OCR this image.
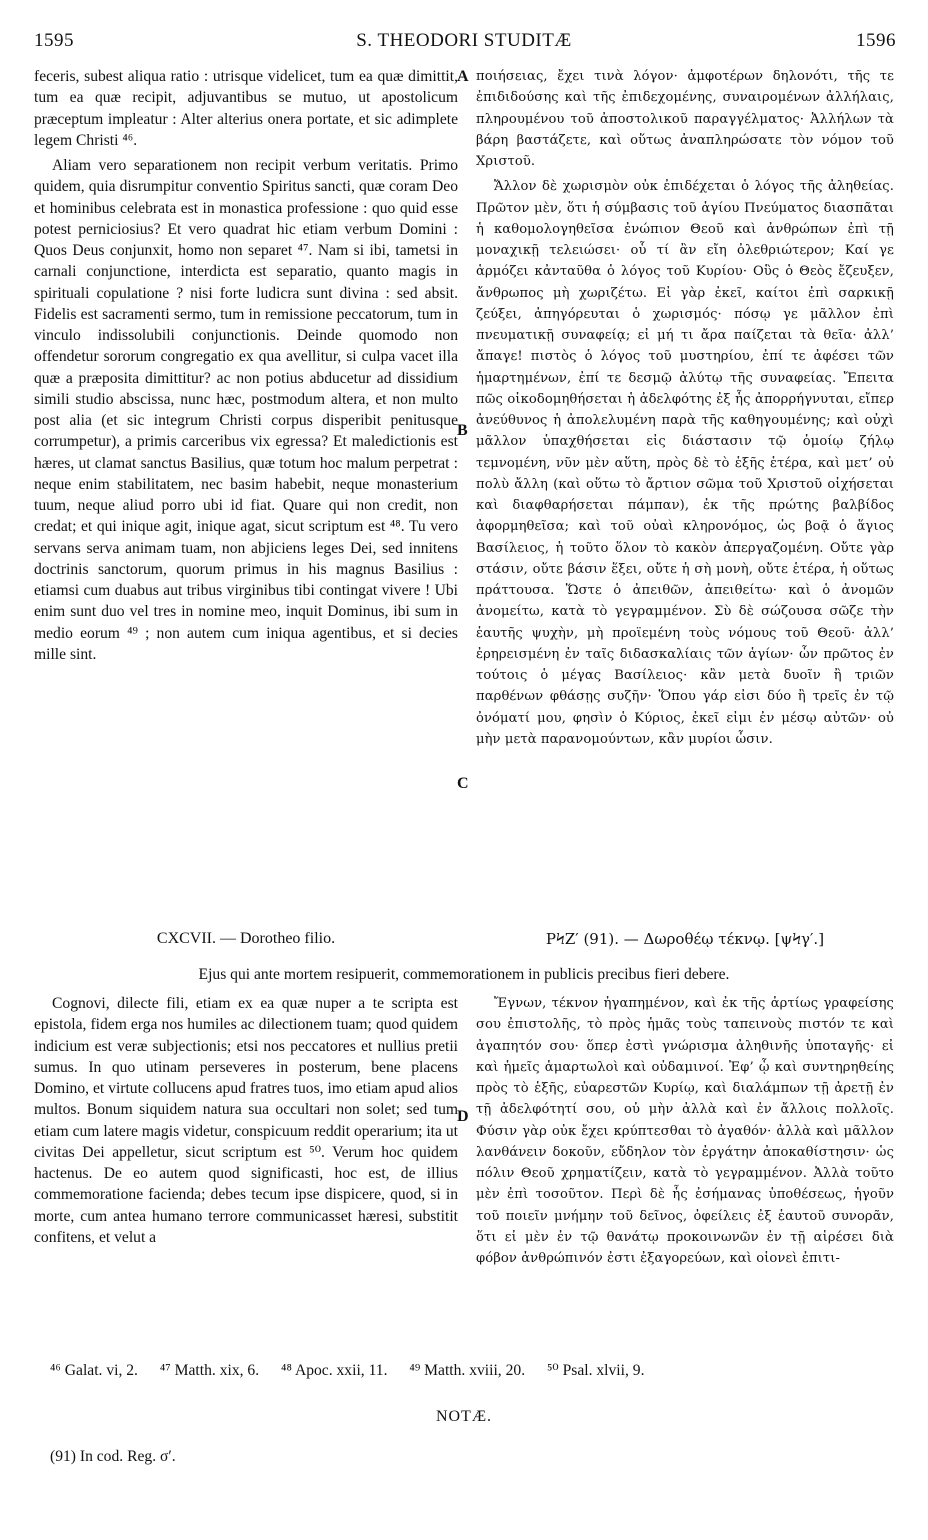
1595	S. THEODORI STUDITÆ	1596

feceris, subest aliqua ratio : utrisque videlicet, tum ea quæ dimittit, tum ea quæ recipit, adjuvantibus se mutuo, ut apostolicum præceptum impleatur : Alter alterius onera portate, et sic adimplete legem Christi ⁴⁶.

Aliam vero separationem non recipit verbum veritatis. Primo quidem, quia disrumpitur conventio Spiritus sancti, quæ coram Deo et hominibus celebrata est in monastica professione : quo quid esse potest perniciosius? Et vero quadrat hic etiam verbum Domini : Quos Deus conjunxit, homo non separet ⁴⁷. Nam si ibi, tametsi in carnali conjunctione, interdicta est separatio, quanto magis in spirituali copulatione ? nisi forte ludicra sunt divina : sed absit. Fidelis est sacramenti sermo, tum in remissione peccatorum, tum in vinculo indissolubili conjunctionis. Deinde quomodo non offendetur sororum congregatio ex qua avellitur, si culpa vacet illa quæ a præposita dimittitur? ac non potius abducetur ad dissidium simili studio abscissa, nunc hæc, postmodum altera, et non multo post alia (et sic integrum Christi corpus disperibit penitusque corrumpetur), a primis carceribus vix egressa? Et maledictionis est hæres, ut clamat sanctus Basilius, quæ totum hoc malum perpetrat : neque enim stabilitatem, nec basim habebit, neque monasterium tuum, neque aliud porro ubi id fiat. Quare qui non credit, non credat; et qui inique agit, inique agat, sicut scriptum est ⁴⁸. Tu vero servans serva animam tuam, non abjiciens leges Dei, sed innitens doctrinis sanctorum, quorum primus in his magnus Basilius : etiamsi cum duabus aut tribus virginibus tibi contingat vivere ! Ubi enim sunt duo vel tres in nomine meo, inquit Dominus, ibi sum in medio eorum ⁴⁹ ; non autem cum iniqua agentibus, et si decies mille sint.

ποιήσειας, ἔχει τινὰ λόγον· ἀμφοτέρων δηλονότι, τῆς τε ἐπιδιδούσης καὶ τῆς ἐπιδεχομένης, συναιρομένων ἀλλήλαις, πληρουμένου τοῦ ἀποστολικοῦ παραγγέλματος· Ἀλλήλων τὰ βάρη βαστάζετε, καὶ οὕτως ἀναπληρώσατε τὸν νόμον τοῦ Χριστοῦ.

Ἄλλον δὲ χωρισμὸν οὐκ ἐπιδέχεται ὁ λόγος τῆς ἀληθείας. Πρῶτον μὲν, ὅτι ἡ σύμβασις τοῦ ἁγίου Πνεύματος διασπᾶται ἡ καθομολογηθεῖσα ἐνώπιον Θεοῦ καὶ ἀνθρώπων ἐπὶ τῇ μοναχικῇ τελειώσει· οὗ τί ἂν εἴη ὀλεθριώτερον; Καί γε ἁρμόζει κἀνταῦθα ὁ λόγος τοῦ Κυρίου· Οὓς ὁ Θεὸς ἔζευξεν, ἄνθρωπος μὴ χωριζέτω. Εἰ γὰρ ἐκεῖ, καίτοι ἐπὶ σαρκικῇ ζεύξει, ἀπηγόρευται ὁ χωρισμός· πόσῳ γε μᾶλλον ἐπὶ πνευματικῇ συναφείᾳ; εἰ μή τι ἄρα παίζεται τὰ θεῖα· ἀλλ’ ἄπαγε! πιστὸς ὁ λόγος τοῦ μυστηρίου, ἐπί τε ἀφέσει τῶν ἡμαρτημένων, ἐπί τε δεσμῷ ἀλύτῳ τῆς συναφείας. Ἔπειτα πῶς οἰκοδομηθήσεται ἡ ἀδελφότης ἐξ ἧς ἀπορρήγνυται, εἴπερ ἀνεύθυνος ἡ ἀπολελυμένη παρὰ τῆς καθηγουμένης; καὶ οὐχὶ μᾶλλον ὑπαχθήσεται εἰς διάστασιν τῷ ὁμοίῳ ζήλῳ τεμνομένη, νῦν μὲν αὕτη, πρὸς δὲ τὸ ἑξῆς ἑτέρα, καὶ μετ’ οὐ πολὺ ἄλλη (καὶ οὕτω τὸ ἄρτιον σῶμα τοῦ Χριστοῦ οἰχήσεται καὶ διαφθαρήσεται πάμπαν), ἐκ τῆς πρώτης βαλβίδος ἀφορμηθεῖσα; καὶ τοῦ οὐαὶ κληρονόμος, ὡς βοᾷ ὁ ἅγιος Βασίλειος, ἡ τοῦτο ὅλον τὸ κακὸν ἀπεργαζομένη. Οὔτε γὰρ στάσιν, οὔτε βάσιν ἕξει, οὔτε ἡ σὴ μονὴ, οὔτε ἑτέρα, ἡ οὕτως πράττουσα. Ὥστε ὁ ἀπειθῶν, ἀπειθείτω· καὶ ὁ ἀνομῶν ἀνομείτω, κατὰ τὸ γεγραμμένον. Σὺ δὲ σώζουσα σῶζε τὴν ἑαυτῆς ψυχὴν, μὴ προϊεμένη τοὺς νόμους τοῦ Θεοῦ· ἀλλ’ ἐρηρεισμένη ἐν ταῖς διδασκαλίαις τῶν ἁγίων· ὧν πρῶτος ἐν τούτοις ὁ μέγας Βασίλειος· κἂν μετὰ δυοῖν ἢ τριῶν παρθένων φθάσῃς συζῆν· Ὅπου γάρ εἰσι δύο ἢ τρεῖς ἐν τῷ ὀνόματί μου, φησὶν ὁ Κύριος, ἐκεῖ εἰμι ἐν μέσῳ αὐτῶν· οὐ μὴν μετὰ παρανομούντων, κἂν μυρίοι ὦσιν.

A
B
C
D
CXCVII. — Dorotheo filio.	ΡϞΖ′ (91). — Δωροθέῳ τέκνῳ. [ψϞγ′.]
Ejus qui ante mortem resipuerit, commemorationem in publicis precibus fieri debere.

Cognovi, dilecte fili, etiam ex ea quæ nuper a te scripta est epistola, fidem erga nos humiles ac dilectionem tuam; quod quidem indicium est veræ subjectionis; etsi nos peccatores et nullius pretii sumus. In quo utinam perseveres in posterum, bene placens Domino, et virtute collucens apud fratres tuos, imo etiam apud alios multos. Bonum siquidem natura sua occultari non solet; sed tum etiam cum latere magis videtur, conspicuum reddit operarium; ita ut civitas Dei appelletur, sicut scriptum est ⁵⁰. Verum hoc quidem hactenus. De eo autem quod significasti, hoc est, de illius commemoratione facienda; debes tecum ipse dispicere, quod, si in morte, cum antea humano terrore communicasset hæresi, substitit confitens, et velut a

Ἔγνων, τέκνον ἠγαπημένον, καὶ ἐκ τῆς ἀρτίως γραφείσης σου ἐπιστολῆς, τὸ πρὸς ἡμᾶς τοὺς ταπεινοὺς πιστόν τε καὶ ἀγαπητόν σου· ὅπερ ἐστὶ γνώρισμα ἀληθινῆς ὑποταγῆς· εἰ καὶ ἡμεῖς ἁμαρτωλοὶ καὶ οὐδαμινοί. Ἐφ’ ᾧ καὶ συντηρηθείης πρὸς τὸ ἑξῆς, εὐαρεστῶν Κυρίῳ, καὶ διαλάμπων τῇ ἀρετῇ ἐν τῇ ἀδελφότητί σου, οὐ μὴν ἀλλὰ καὶ ἐν ἄλλοις πολλοῖς. Φύσιν γὰρ οὐκ ἔχει κρύπτεσθαι τὸ ἀγαθόν· ἀλλὰ καὶ μᾶλλον λανθάνειν δοκοῦν, εὔδηλον τὸν ἐργάτην ἀποκαθίστησιν· ὡς πόλιν Θεοῦ χρηματίζειν, κατὰ τὸ γεγραμμένον. Ἀλλὰ τοῦτο μὲν ἐπὶ τοσοῦτον. Περὶ δὲ ἧς ἐσήμανας ὑποθέσεως, ἡγοῦν τοῦ ποιεῖν μνήμην τοῦ δεῖνος, ὀφείλεις ἐξ ἑαυτοῦ συνορᾶν, ὅτι εἰ μὲν ἐν τῷ θανάτῳ προκοινωνῶν ἐν τῇ αἱρέσει διὰ φόβον ἀνθρώπινόν ἐστι ἐξαγορεύων, καὶ οἱονεὶ ἐπιτι-

⁴⁶ Galat. vi, 2. ⁴⁷ Matth. xix, 6. ⁴⁸ Apoc. xxii, 11. ⁴⁹ Matth. xviii, 20. ⁵⁰ Psal. xlvii, 9.
NOTÆ.
(91) In cod. Reg. σ′.
